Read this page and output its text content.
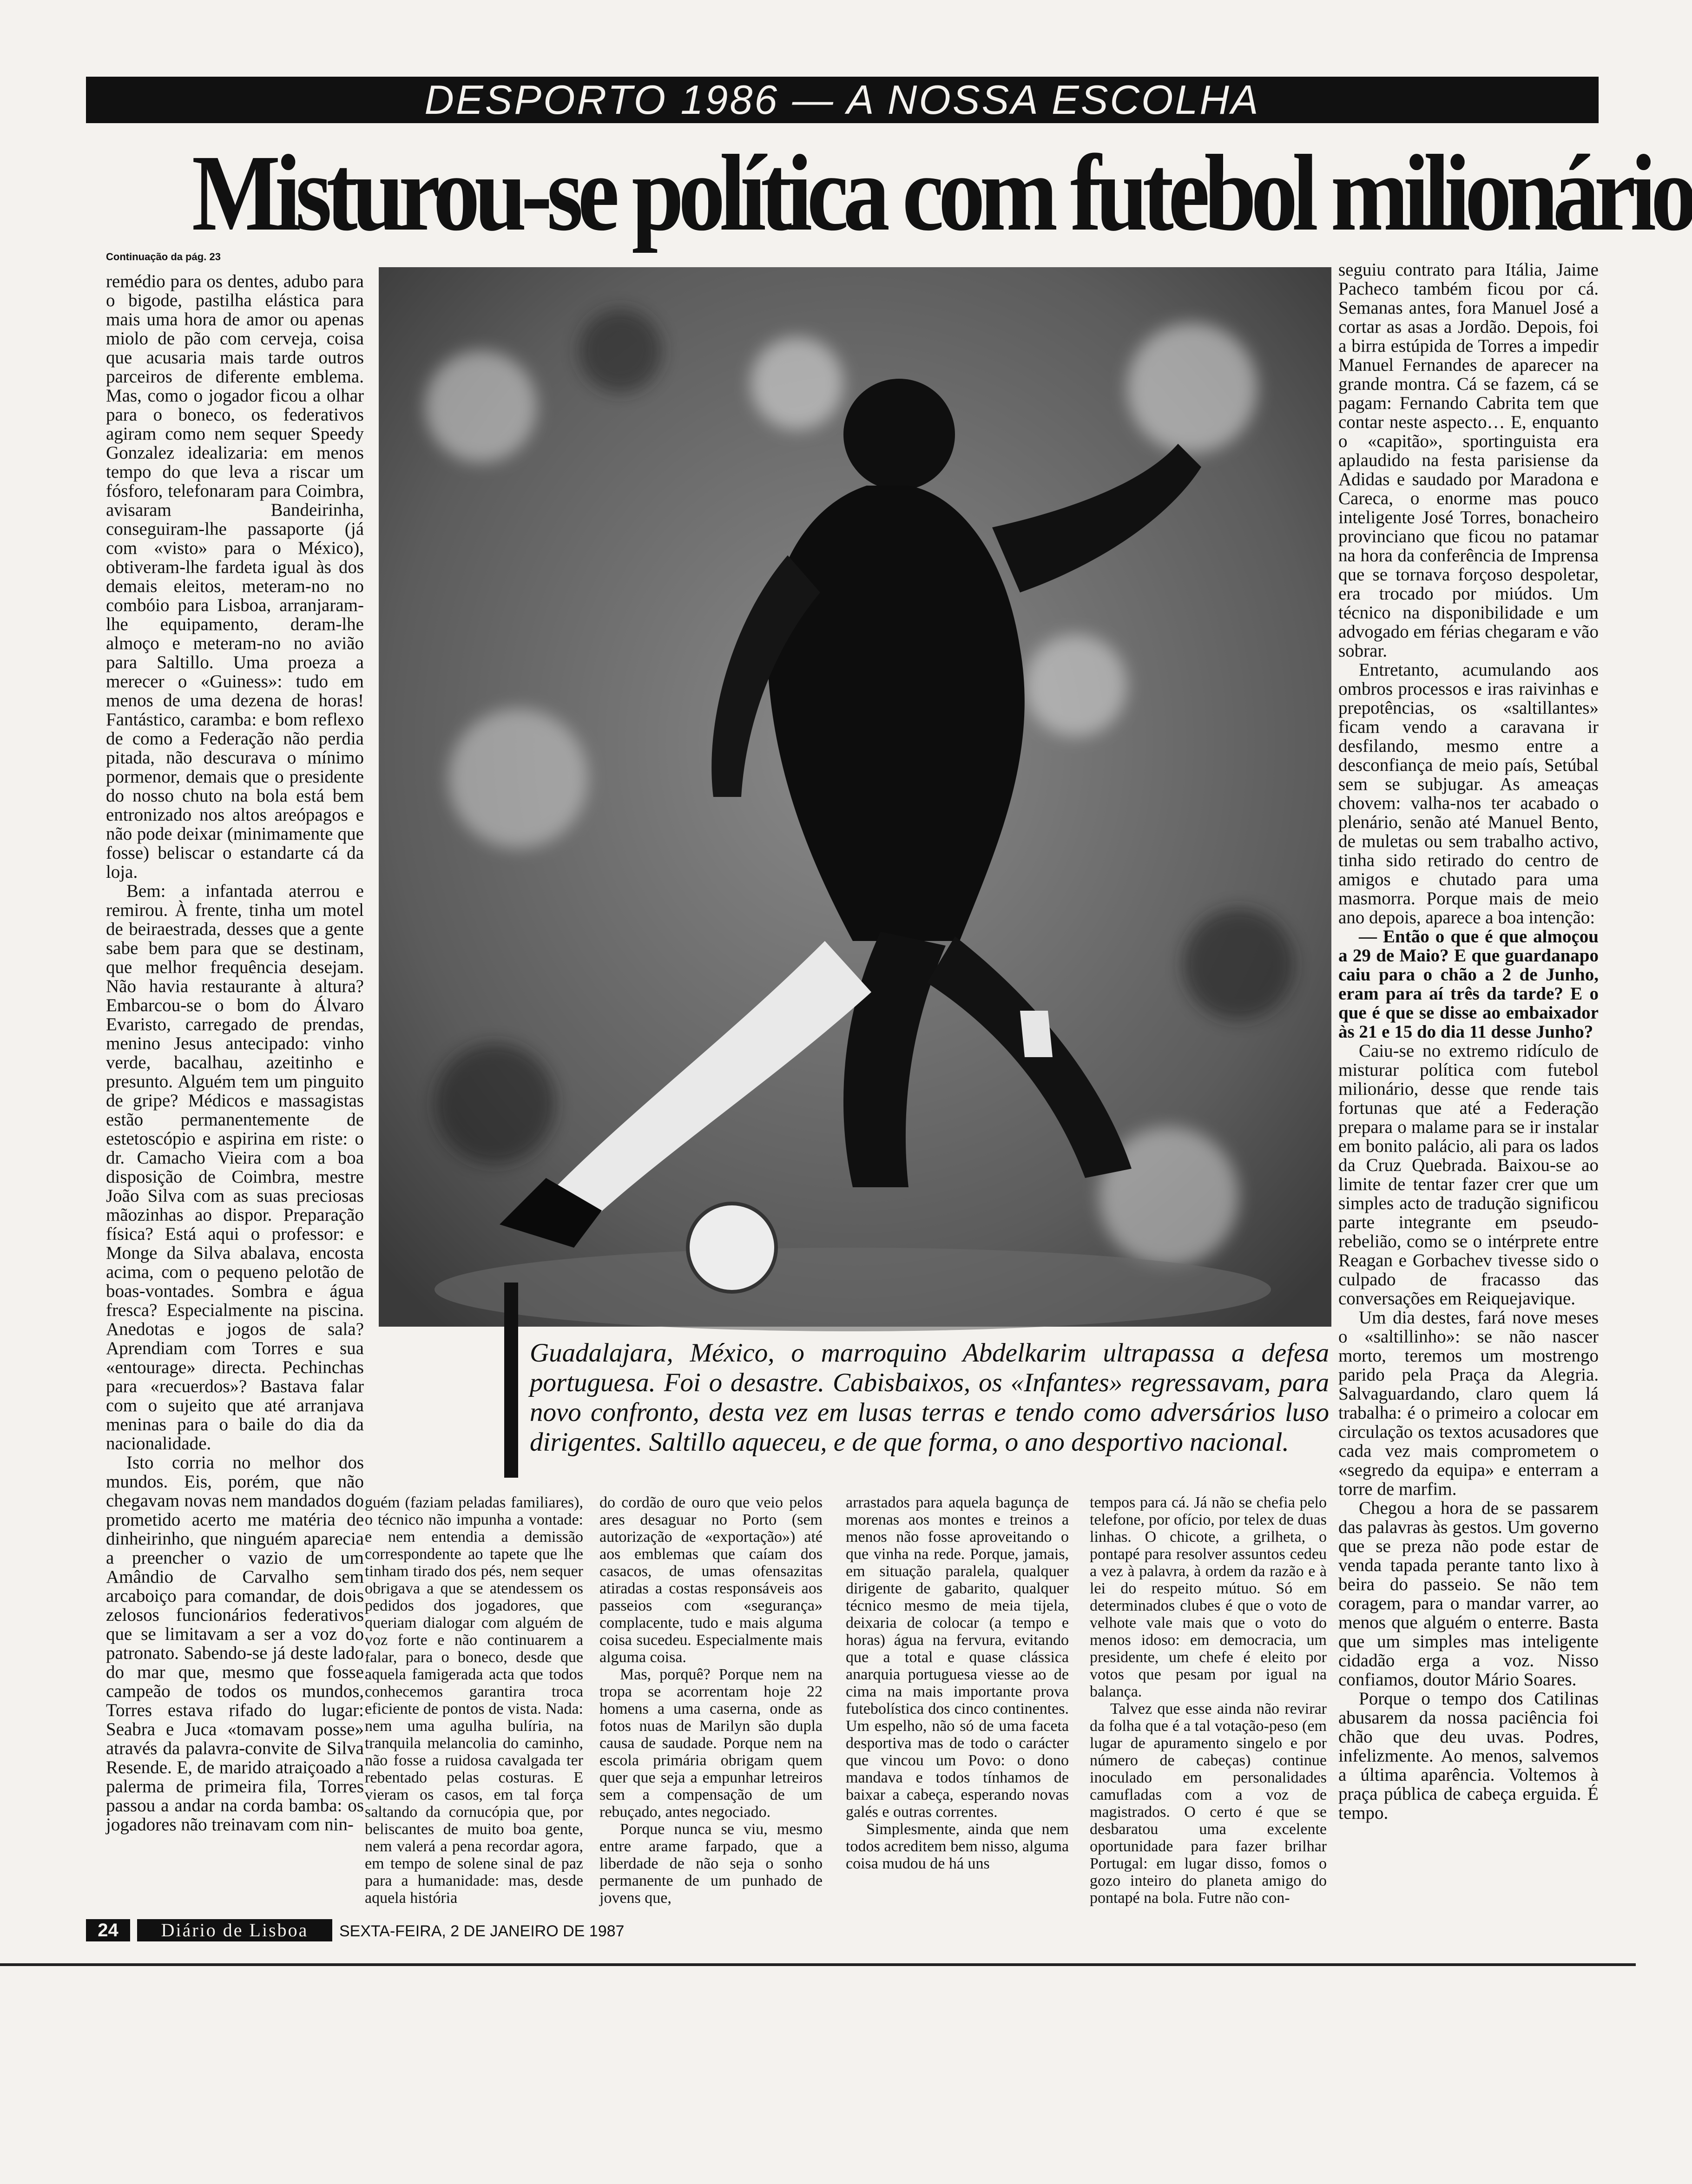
DESPORTO 1986 — A NOSSA ESCOLHA
Misturou-se política com futebol milionário
Continuação da pág. 23

remédio para os dentes, adubo para o bigode, pastilha elástica para mais uma hora de amor ou apenas miolo de pão com cerveja, coisa que acusaria mais tarde outros parceiros de diferente emblema. Mas, como o jogador ficou a olhar para o boneco, os federativos agiram como nem sequer Speedy Gonzalez idealizaria: em menos tempo do que leva a riscar um fósforo, telefonaram para Coimbra, avisaram Bandeirinha, conseguiram-lhe passaporte (já com «visto» para o México), obtiveram-lhe fardeta igual às dos demais eleitos, meteram-no no combóio para Lisboa, arranjaram-lhe equipamento, deram-lhe almoço e meteram-no no avião para Saltillo. Uma proeza a merecer o «Guiness»: tudo em menos de uma dezena de horas! Fantástico, caramba: e bom reflexo de como a Federação não perdia pitada, não descurava o mínimo pormenor, demais que o presidente do nosso chuto na bola está bem entronizado nos altos areópagos e não pode deixar (minimamente que fosse) beliscar o estandarte cá da loja.

Bem: a infantada aterrou e remirou. À frente, tinha um motel de beiraestrada, desses que a gente sabe bem para que se destinam, que melhor frequência desejam. Não havia restaurante à altura? Embarcou-se o bom do Álvaro Evaristo, carregado de prendas, menino Jesus antecipado: vinho verde, bacalhau, azeitinho e presunto. Alguém tem um pinguito de gripe? Médicos e massagistas estão permanentemente de estetoscópio e aspirina em riste: o dr. Camacho Vieira com a boa disposição de Coimbra, mestre João Silva com as suas preciosas mãozinhas ao dispor. Preparação física? Está aqui o professor: e Monge da Silva abalava, encosta acima, com o pequeno pelotão de boas-vontades. Sombra e água fresca? Especialmente na piscina. Anedotas e jogos de sala? Aprendiam com Torres e sua «entourage» directa. Pechinchas para «recuerdos»? Bastava falar com o sujeito que até arranjava meninas para o baile do dia da nacionalidade.

Isto corria no melhor dos mundos. Eis, porém, que não chegavam novas nem mandados do prometido acerto me matéria de dinheirinho, que ninguém aparecia a preencher o vazio de um Amândio de Carvalho sem arcaboiço para comandar, de dois zelosos funcionários federativos que se limitavam a ser a voz do patronato. Sabendo-se já deste lado do mar que, mesmo que fosse campeão de todos os mundos, Torres estava rifado do lugar: Seabra e Juca «tomavam posse» através da palavra-convite de Silva Resende. E, de marido atraiçoado a palerma de primeira fila, Torres passou a andar na corda bamba: os jogadores não treinavam com nin-

Guadalajara, México, o marroquino Abdelkarim ultrapassa a defesa portuguesa. Foi o desastre. Cabisbaixos, os «Infantes» regressavam, para novo confronto, desta vez em lusas terras e tendo como adversários luso dirigentes. Saltillo aqueceu, e de que forma, o ano desportivo nacional.

seguiu contrato para Itália, Jaime Pacheco também ficou por cá. Semanas antes, fora Manuel José a cortar as asas a Jordão. Depois, foi a birra estúpida de Torres a impedir Manuel Fernandes de aparecer na grande montra. Cá se fazem, cá se pagam: Fernando Cabrita tem que contar neste aspecto… E, enquanto o «capitão», sportinguista era aplaudido na festa parisiense da Adidas e saudado por Maradona e Careca, o enorme mas pouco inteligente José Torres, bonacheiro provinciano que ficou no patamar na hora da conferência de Imprensa que se tornava forçoso despoletar, era trocado por miúdos. Um técnico na disponibilidade e um advogado em férias chegaram e vão sobrar.

Entretanto, acumulando aos ombros processos e iras raivinhas e prepotências, os «saltillantes» ficam vendo a caravana ir desfilando, mesmo entre a desconfiança de meio país, Setúbal sem se subjugar. As ameaças chovem: valha-nos ter acabado o plenário, senão até Manuel Bento, de muletas ou sem trabalho activo, tinha sido retirado do centro de amigos e chutado para uma masmorra. Porque mais de meio ano depois, aparece a boa intenção:

— Então o que é que almoçou a 29 de Maio? E que guardanapo caiu para o chão a 2 de Junho, eram para aí três da tarde? E o que é que se disse ao embaixador às 21 e 15 do dia 11 desse Junho?

Caiu-se no extremo ridículo de misturar política com futebol milionário, desse que rende tais fortunas que até a Federação prepara o malame para se ir instalar em bonito palácio, ali para os lados da Cruz Quebrada. Baixou-se ao limite de tentar fazer crer que um simples acto de tradução significou parte integrante em pseudo-rebelião, como se o intérprete entre Reagan e Gorbachev tivesse sido o culpado de fracasso das conversações em Reiquejavique.

Um dia destes, fará nove meses o «saltillinho»: se não nascer morto, teremos um mostrengo parido pela Praça da Alegria. Salvaguardando, claro quem lá trabalha: é o primeiro a colocar em circulação os textos acusadores que cada vez mais comprometem o «segredo da equipa» e enterram a torre de marfim.

Chegou a hora de se passarem das palavras às gestos. Um governo que se preza não pode estar de venda tapada perante tanto lixo à beira do passeio. Se não tem coragem, para o mandar varrer, ao menos que alguém o enterre. Basta que um simples mas inteligente cidadão erga a voz. Nisso confiamos, doutor Mário Soares.

Porque o tempo dos Catilinas abusarem da nossa paciência foi chão que deu uvas. Podres, infelizmente. Ao menos, salvemos a última aparência. Voltemos à praça pública de cabeça erguida. É tempo.

guém (faziam peladas familiares), o técnico não impunha a vontade: e nem entendia a demissão correspondente ao tapete que lhe tinham tirado dos pés, nem sequer obrigava a que se atendessem os pedidos dos jogadores, que queriam dialogar com alguém de voz forte e não continuarem a falar, para o boneco, desde que aquela famigerada acta que todos conhecemos garantira troca eficiente de pontos de vista. Nada: nem uma agulha bulíria, na tranquila melancolia do caminho, não fosse a ruidosa cavalgada ter rebentado pelas costuras. E vieram os casos, em tal força saltando da cornucópia que, por beliscantes de muito boa gente, nem valerá a pena recordar agora, em tempo de solene sinal de paz para a humanidade: mas, desde aquela história

do cordão de ouro que veio pelos ares desaguar no Porto (sem autorização de «exportação») até aos emblemas que caíam dos casacos, de umas ofensazitas atiradas a costas responsáveis aos passeios com «segurança» complacente, tudo e mais alguma coisa sucedeu. Especialmente mais alguma coisa.

Mas, porquê? Porque nem na tropa se acorrentam hoje 22 homens a uma caserna, onde as fotos nuas de Marilyn são dupla causa de saudade. Porque nem na escola primária obrigam quem quer que seja a empunhar letreiros sem a compensação de um rebuçado, antes negociado.

Porque nunca se viu, mesmo entre arame farpado, que a liberdade de não seja o sonho permanente de um punhado de jovens que,

arrastados para aquela bagunça de morenas aos montes e treinos a menos não fosse aproveitando o que vinha na rede. Porque, jamais, em situação paralela, qualquer dirigente de gabarito, qualquer técnico mesmo de meia tijela, deixaria de colocar (a tempo e horas) água na fervura, evitando que a total e quase clássica anarquia portuguesa viesse ao de cima na mais importante prova futebolística dos cinco continentes. Um espelho, não só de uma faceta desportiva mas de todo o carácter que vincou um Povo: o dono mandava e todos tínhamos de baixar a cabeça, esperando novas galés e outras correntes.

Simplesmente, ainda que nem todos acreditem bem nisso, alguma coisa mudou de há uns

tempos para cá. Já não se chefia pelo telefone, por ofício, por telex de duas linhas. O chicote, a grilheta, o pontapé para resolver assuntos cedeu a vez à palavra, à ordem da razão e à lei do respeito mútuo. Só em determinados clubes é que o voto de velhote vale mais que o voto do menos idoso: em democracia, um presidente, um chefe é eleito por votos que pesam por igual na balança.

Talvez que esse ainda não revirar da folha que é a tal votação-peso (em lugar de apuramento singelo e por número de cabeças) continue inoculado em personalidades camufladas com a voz de magistrados. O certo é que se desbaratou uma excelente oportunidade para fazer brilhar Portugal: em lugar disso, fomos o gozo inteiro do planeta amigo do pontapé na bola. Futre não con-

24	Diário de Lisboa	SEXTA-FEIRA, 2 DE JANEIRO DE 1987
